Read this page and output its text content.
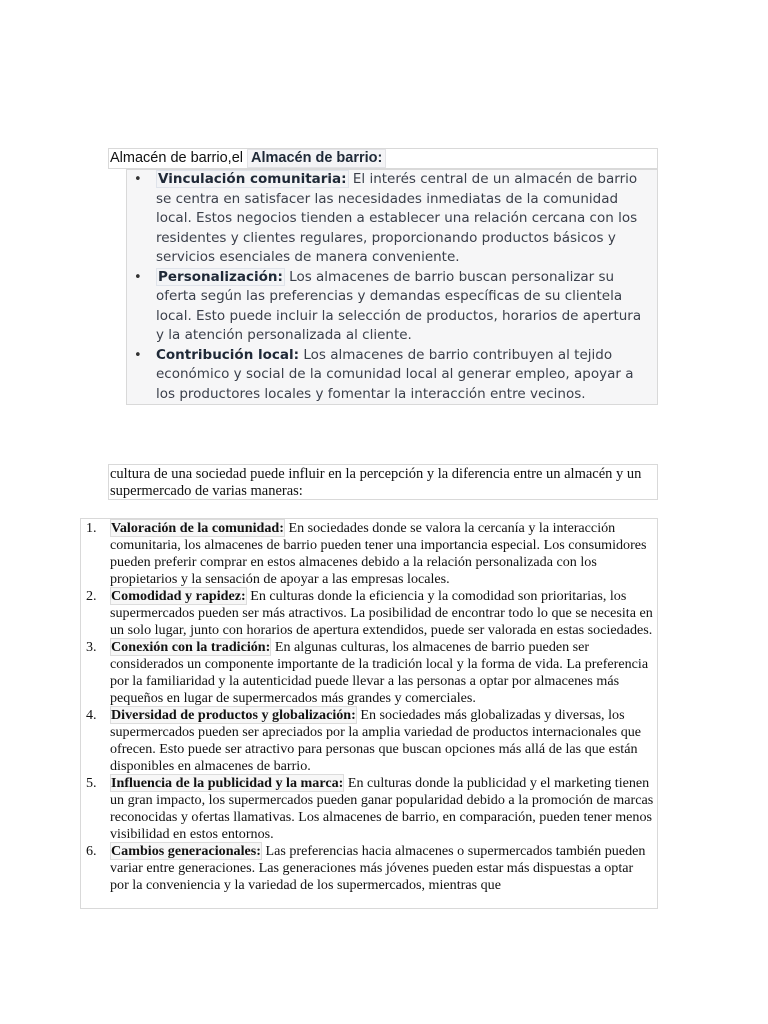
Almacén de barrio,el Almacén de barrio:
• Vinculación comunitaria: El interés central de un almacén de barrio se centra en satisfacer las necesidades inmediatas de la comunidad local. Estos negocios tienden a establecer una relación cercana con los residentes y clientes regulares, proporcionando productos básicos y servicios esenciales de manera conveniente.
• Personalización: Los almacenes de barrio buscan personalizar su oferta según las preferencias y demandas específicas de su clientela local. Esto puede incluir la selección de productos, horarios de apertura y la atención personalizada al cliente.
• Contribución local: Los almacenes de barrio contribuyen al tejido económico y social de la comunidad local al generar empleo, apoyar a los productores locales y fomentar la interacción entre vecinos.
cultura de una sociedad puede influir en la percepción y la diferencia entre un almacén y un supermercado de varias maneras:
1. Valoración de la comunidad: En sociedades donde se valora la cercanía y la interacción comunitaria, los almacenes de barrio pueden tener una importancia especial. Los consumidores pueden preferir comprar en estos almacenes debido a la relación personalizada con los propietarios y la sensación de apoyar a las empresas locales.
2. Comodidad y rapidez: En culturas donde la eficiencia y la comodidad son prioritarias, los supermercados pueden ser más atractivos. La posibilidad de encontrar todo lo que se necesita en un solo lugar, junto con horarios de apertura extendidos, puede ser valorada en estas sociedades.
3. Conexión con la tradición: En algunas culturas, los almacenes de barrio pueden ser considerados un componente importante de la tradición local y la forma de vida. La preferencia por la familiaridad y la autenticidad puede llevar a las personas a optar por almacenes más pequeños en lugar de supermercados más grandes y comerciales.
4. Diversidad de productos y globalización: En sociedades más globalizadas y diversas, los supermercados pueden ser apreciados por la amplia variedad de productos internacionales que ofrecen. Esto puede ser atractivo para personas que buscan opciones más allá de las que están disponibles en almacenes de barrio.
5. Influencia de la publicidad y la marca: En culturas donde la publicidad y el marketing tienen un gran impacto, los supermercados pueden ganar popularidad debido a la promoción de marcas reconocidas y ofertas llamativas. Los almacenes de barrio, en comparación, pueden tener menos visibilidad en estos entornos.
6. Cambios generacionales: Las preferencias hacia almacenes o supermercados también pueden variar entre generaciones. Las generaciones más jóvenes pueden estar más dispuestas a optar por la conveniencia y la variedad de los supermercados, mientras que
